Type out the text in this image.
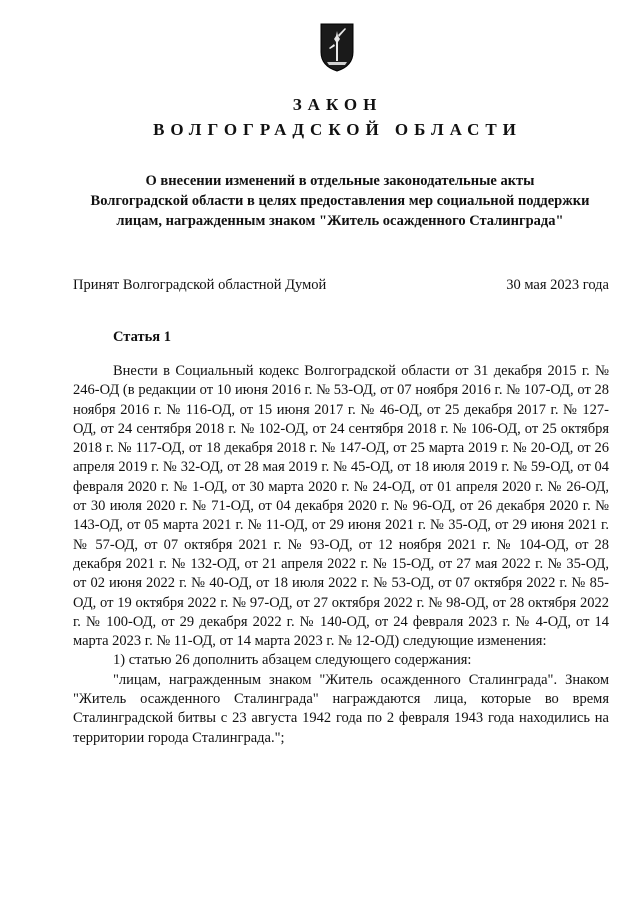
ЗАКОН
ВОЛГОГРАДСКОЙ ОБЛАСТИ
О внесении изменений в отдельные законодательные акты
Волгоградской области в целях предоставления мер социальной поддержки
лицам, награжденным знаком "Житель осажденного Сталинграда"
Принят Волгоградской областной Думой	30 мая 2023 года
Статья 1

Внести в Социальный кодекс Волгоградской области от 31 декабря 2015 г. № 246-ОД (в редакции от 10 июня 2016 г. № 53-ОД, от 07 ноября 2016 г. № 107-ОД, от 28 ноября 2016 г. № 116-ОД, от 15 июня 2017 г. № 46-ОД, от 25 декабря 2017 г. № 127-ОД, от 24 сентября 2018 г. № 102-ОД, от 24 сентября 2018 г. № 106-ОД, от 25 октября 2018 г. № 117-ОД, от 18 декабря 2018 г. № 147-ОД, от 25 марта 2019 г. № 20-ОД, от 26 апреля 2019 г. № 32-ОД, от 28 мая 2019 г. № 45-ОД, от 18 июля 2019 г. № 59-ОД, от 04 февраля 2020 г. № 1-ОД, от 30 марта 2020 г. № 24-ОД, от 01 апреля 2020 г. № 26-ОД, от 30 июля 2020 г. № 71-ОД, от 04 декабря 2020 г. № 96-ОД, от 26 декабря 2020 г. № 143-ОД, от 05 марта 2021 г. № 11-ОД, от 29 июня 2021 г. № 35-ОД, от 29 июня 2021 г. № 57-ОД, от 07 октября 2021 г. № 93-ОД, от 12 ноября 2021 г. № 104-ОД, от 28 декабря 2021 г. № 132-ОД, от 21 апреля 2022 г. № 15-ОД, от 27 мая 2022 г. № 35-ОД, от 02 июня 2022 г. № 40-ОД, от 18 июля 2022 г. № 53-ОД, от 07 октября 2022 г. № 85-ОД, от 19 октября 2022 г. № 97-ОД, от 27 октября 2022 г. № 98-ОД, от 28 октября 2022 г. № 100-ОД, от 29 декабря 2022 г. № 140-ОД, от 24 февраля 2023 г. № 4-ОД, от 14 марта 2023 г. № 11-ОД, от 14 марта 2023 г. № 12-ОД) следующие изменения:

1) статью 26 дополнить абзацем следующего содержания:

"лицам, награжденным знаком "Житель осажденного Сталинграда". Знаком "Житель осажденного Сталинграда" награждаются лица, которые во время Сталинградской битвы с 23 августа 1942 года по 2 февраля 1943 года находились на территории города Сталинграда.";
